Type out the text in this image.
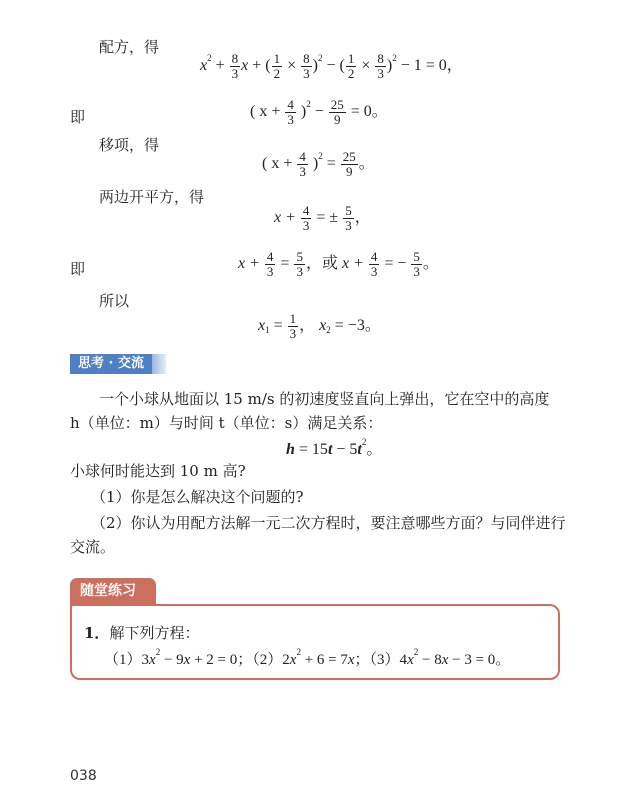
配方，得
$x^2 + \frac{8}{3}$ x + ( $\frac{1}{2} \times \frac{8}{3} )^2$ − ( $\frac{1}{2} \times \frac{8}{3} )^2 - 1 = 0$，
即	( $x + \frac{4}{3} )^2 - \frac{25}{9} = 0$。
移项，得
( $x + \frac{4}{3} )^2 = \frac{25}{9}$ 。
两边开平方，得
$x + \frac{4}{3}$ = ± $\frac{5}{3}$ ，
即	$x + \frac{4}{3} = \frac{5}{3}$ ，或 $x + \frac{4}{3}$ = − $\frac{5}{3}$ 。
所以
$x_1 = \frac{1}{3}$ ， $x_2 = -3$。
思考 · 交流
一个小球从地面以 15 m/s 的初速度竖直向上弹出，它在空中的高度
h（单位：m）与时间 t（单位：s）满足关系：
$h = 15t - 5t^2$。
小球何时能达到 10 m 高?
（1）你是怎么解决这个问题的?
（2）你认为用配方法解一元二次方程时，要注意哪些方面？与同伴进行
交流。
随堂练习
1．解下列方程：
$(1)3x^2 - 9x + 2 = 0$；$(2)2x^2 + 6 = 7x$；$(3)4x^2 - 8x - 3 = 0$。
038
